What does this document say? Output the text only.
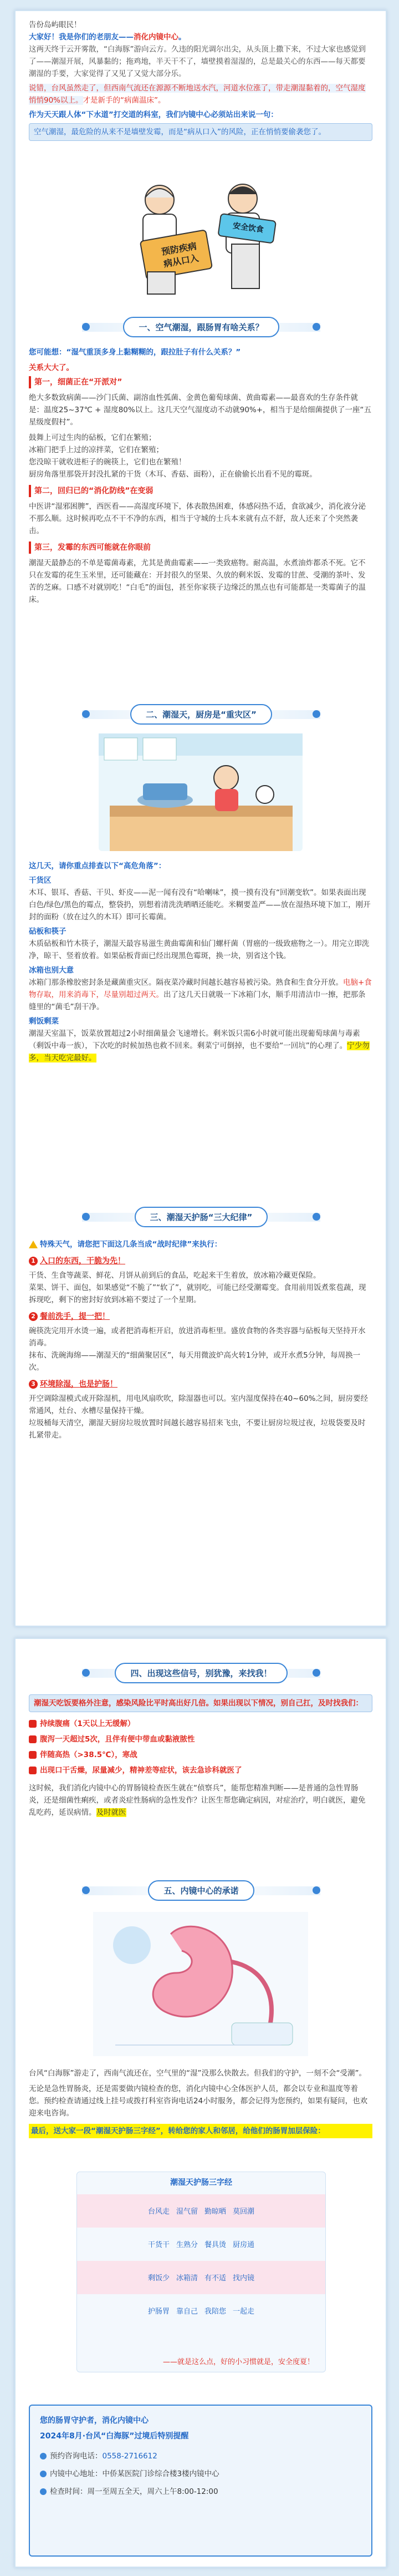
告份岛屿眼民！

大家好！我是你们的老朋友——消化内镜中心。

这两天终于云开雾散，“白海豚”游向云方。久违的阳光调尔出尖，从头顶上撒下来，不过大家也感觉到了——潮湿开展，风暴黏的；拖鸡地，半天干不了，墙壁摸着湿湿的，总是最关心的东西——每天都要潮湿的手要，大家觉得了又见了又觉大部分乐。

说错，台风虽然走了，但西南气流还在源源不断地送水汽，河道水位涨了，带走潮湿黏着的，空气湿度悄悄90%以上。才是新手的“病菌温床”。

作为天天跟人体“下水道”打交道的科室，我们内镜中心必须站出来说一句：

空气潮湿，最危险的从来不是墙壁发霉，而是“病从口入”的风险，正在悄悄要偷袭您了。

预防疾病
病从口入
安全饮食
一、空气潮湿，跟肠胃有啥关系？

您可能想：“湿气重顶多身上黏糊糊的，跟拉肚子有什么关系？”

关系大大了。

第一，细菌正在“开派对”

绝大多数致病菌——沙门氏菌、副溶血性弧菌、金黄色葡萄球菌、黄曲霉素——最喜欢的生存条件就是：温度25~37℃ + 湿度80%以上。这几天空气湿度动不动就90%+，相当于是给细菌提供了一座“五星级度假村”。

鼓舞上可过生肉的砧板，它们在繁殖；

冰箱门把手上过的凉拌菜，它们在繁殖；

您没晾干就收进柜子的碗筷上，它们也在繁殖！

厨房角落里那袋开封没扎紧的干货（木耳、香菇、面粉），正在偷偷长出看不见的霉斑。

第二，回归已的“消化防线”在变弱

中医讲“湿邪困脾”，西医看——高湿度环境下，体表散热困难，体感闷热不适，食欲减少，消化液分泌不那么顺。这时候再吃点不干不净的东西，相当于守城的士兵本来就有点不舒，敌人还来了个突然袭击。

第三，发霉的东西可能就在你眼前

潮湿天最静态的不单是霉菌毒素，尤其是黄曲霉素——一类致癌物。耐高温，水煮油炸都杀不死。它不只在发霉的花生玉米里，还可能藏在：开封很久的坚果、久放的剩米饭、发霉的甘蔗、受潮的茶叶、发苦的芝麻。口感不对就别吃！“白毛”的面包，甚至你家筷子边缘泛的黑点也有可能都是一类霉菌子的温床。

二、潮湿天，厨房是“重灾区”

这几天，请你重点排查以下“高危角落”：

干货区

木耳、银耳、香菇、干贝、虾皮——泥一闻有没有“哈喇味”，摸一摸有没有“回潮变软”。如果表面出现白色/绿色/黑色的霉点，整袋扔，别想着清洗洗晒晒还能吃。米糊要盖严——放在湿热环境下加工，刚开封的面粉（放在过久的木耳）即可长霉菌。

砧板和筷子

木质砧板和竹木筷子，潮湿天最容易滋生黄曲霉菌和仙门螺杆菌（胃癌的一级致癌物之一）。用完立即洗净，晾干、竖着放着。如果砧板背面已经出现黑色霉斑，换一块，别省这个钱。

冰箱也别大意

冰箱门那条橡胶密封条是藏菌重灾区。隔夜菜冷藏时间越长越容易被污染。熟食和生食分开放。电脑+食物存取，用来消毒下，尽量别超过两天。出了这几天日就吸一下冰箱门水，顺手用清洁巾一擦，把那条缝里的“菌毛”刮干净。

剩饭剩菜

潮湿天室温下，饭菜放置超过2小时细菌量会飞速增长。剩米饭只需6小时就可能出现葡萄球菌与毒素（剩饭中毒一族），下次吃的时候加热也救不回来。剩菜宁可倒掉，也不要给“一回坑”的心理了。宁少勿多，当天吃完最好。

三、潮湿天护肠“三大纪律”

特殊天气，请您把下面这几条当成“战时纪律”来执行：

1 入口的东西，干脆为先！

干货、生食等蔬菜、鲜花、月饼从前到后的食品，吃起来干生着放，放冰箱冷藏更保险。

菜果、饼干、面包，如果感觉“不脆了”“软了”，就别吃，可能已经受潮霉变。食用前用饭煮浆苞蔬，现拆现吃，剩下的密封好放到冰箱不要过了一个星期。

2 餐前洗手，提一把！

碗筷洗完用开水烫一遍，或者把消毒柜开启，放进消毒柜里。盛放食物的各类容器与砧板每天坚持开水消毒。

抹布、洗碗海绵——潮湿天的“细菌聚居区”，每天用微波炉高火转1分钟，或开水煮5分钟，每周换一次。

3 环境除湿，也是护肠！

开空调除湿模式或开除湿机，用电风扇吹吹，除湿器也可以。室内湿度保持在40~60%之间，厨房要经常通风，灶台、水槽尽量保持干燥。

垃圾桶每天清空，潮湿天厨房垃圾放置时间越长越容易招来飞虫，不要让厨房垃圾过夜，垃圾袋要及时扎紧带走。

四、出现这些信号，别犹豫，来找我！

潮湿天吃饭要格外注意，感染风险比平时高出好几倍。如果出现以下情况，别自己扛，及时找我们：

持续腹痛（1天以上无缓解）

腹泻一天超过5次，且伴有便中带血或黏液脓性

伴随高热（>38.5℃），寒战

出现口干舌燥，尿量减少，精神差等症状，该去急诊科就医了

这时候，我们消化内镜中心的胃肠镜检查医生就在“侦察兵”，能帮您精准判断——是普通的急性胃肠炎，还是细菌性痢疾，或者炎症性肠病的急性发作？让医生帮您确定病因，对症治疗，明白就医，避免乱吃药，延误病情。及时就医

五、内镜中心的承诺

台风“白海豚”游走了，西南气流还在，空气里的“湿”没那么快散去。但我们的守护，一刻不会“受潮”。

无论是急性胃肠炎，还是需要做内镜检查的您，消化内镜中心全体医护人员，都会以专业和温度等着您。预约检查请通过线上挂号或拨打科室咨询电话24小时服务，都会记得为您预约，如果有疑问，也欢迎来电咨询。

最后，送大家一段“潮湿天护肠三字经”，转给您的家人和邻居，给他们的肠胃加层保险：

潮湿天护肠三字经
台风走 湿气留 勤晾晒 莫回潮
干货干 生熟分 餐具烫 厨房通
剩饭少 冰箱清 有不适 找内镜
护肠胃 靠自己 我陪您 一起走
——就是这么点，好的小习惯就是，安全度夏！

您的肠胃守护者，消化内镜中心

2024年8月·台风“白海豚”过境后特别提醒

预约咨询电话：0558-2716612

内镜中心地址：中侨某医院门诊综合楼3楼内镜中心

检查时间：周一至周五全天，周六上午8:00-12:00
